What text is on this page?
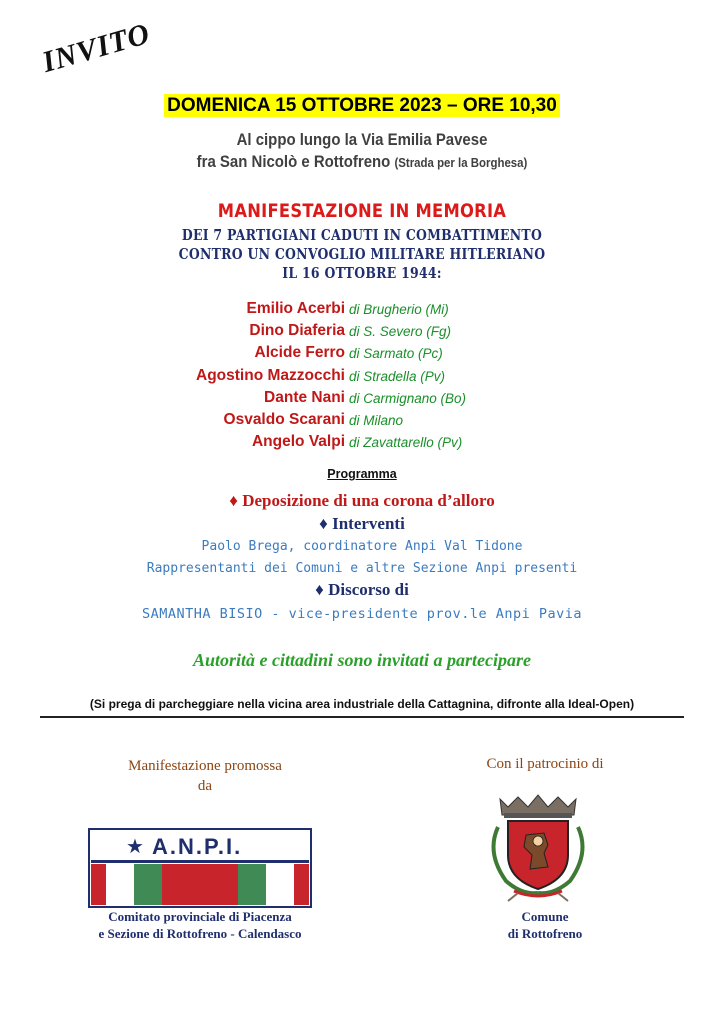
INVITO
DOMENICA 15 OTTOBRE 2023 – ORE 10,30
Al cippo lungo la Via Emilia Pavese
fra San Nicolò e Rottofreno (Strada per la Borghesa)
MANIFESTAZIONE IN MEMORIA
DEI 7 PARTIGIANI CADUTI IN COMBATTIMENTO
CONTRO UN CONVOGLIO MILITARE HITLERIANO
IL 16 OTTOBRE 1944:
Emilio Acerbi di Brugherio (Mi)
Dino Diaferia di S. Severo (Fg)
Alcide Ferro di Sarmato (Pc)
Agostino Mazzocchi di Stradella (Pv)
Dante Nani di Carmignano (Bo)
Osvaldo Scarani di Milano
Angelo Valpi di Zavattarello (Pv)
Programma
♦ Deposizione di una corona d’alloro
♦ Interventi
Paolo Brega, coordinatore Anpi Val Tidone
Rappresentanti dei Comuni e altre Sezione Anpi presenti
♦ Discorso di
SAMANTHA BISIO - vice-presidente prov.le Anpi Pavia
Autorità e cittadini sono invitati a partecipare
(Si prega di parcheggiare nella vicina area industriale della Cattagnina, difronte alla Ideal-Open)
Manifestazione promossa
da
Con il patrocinio di
★ A.N.P.I.
Comitato provinciale di Piacenza
e Sezione di Rottofreno - Calendasco
Comune
di Rottofreno
